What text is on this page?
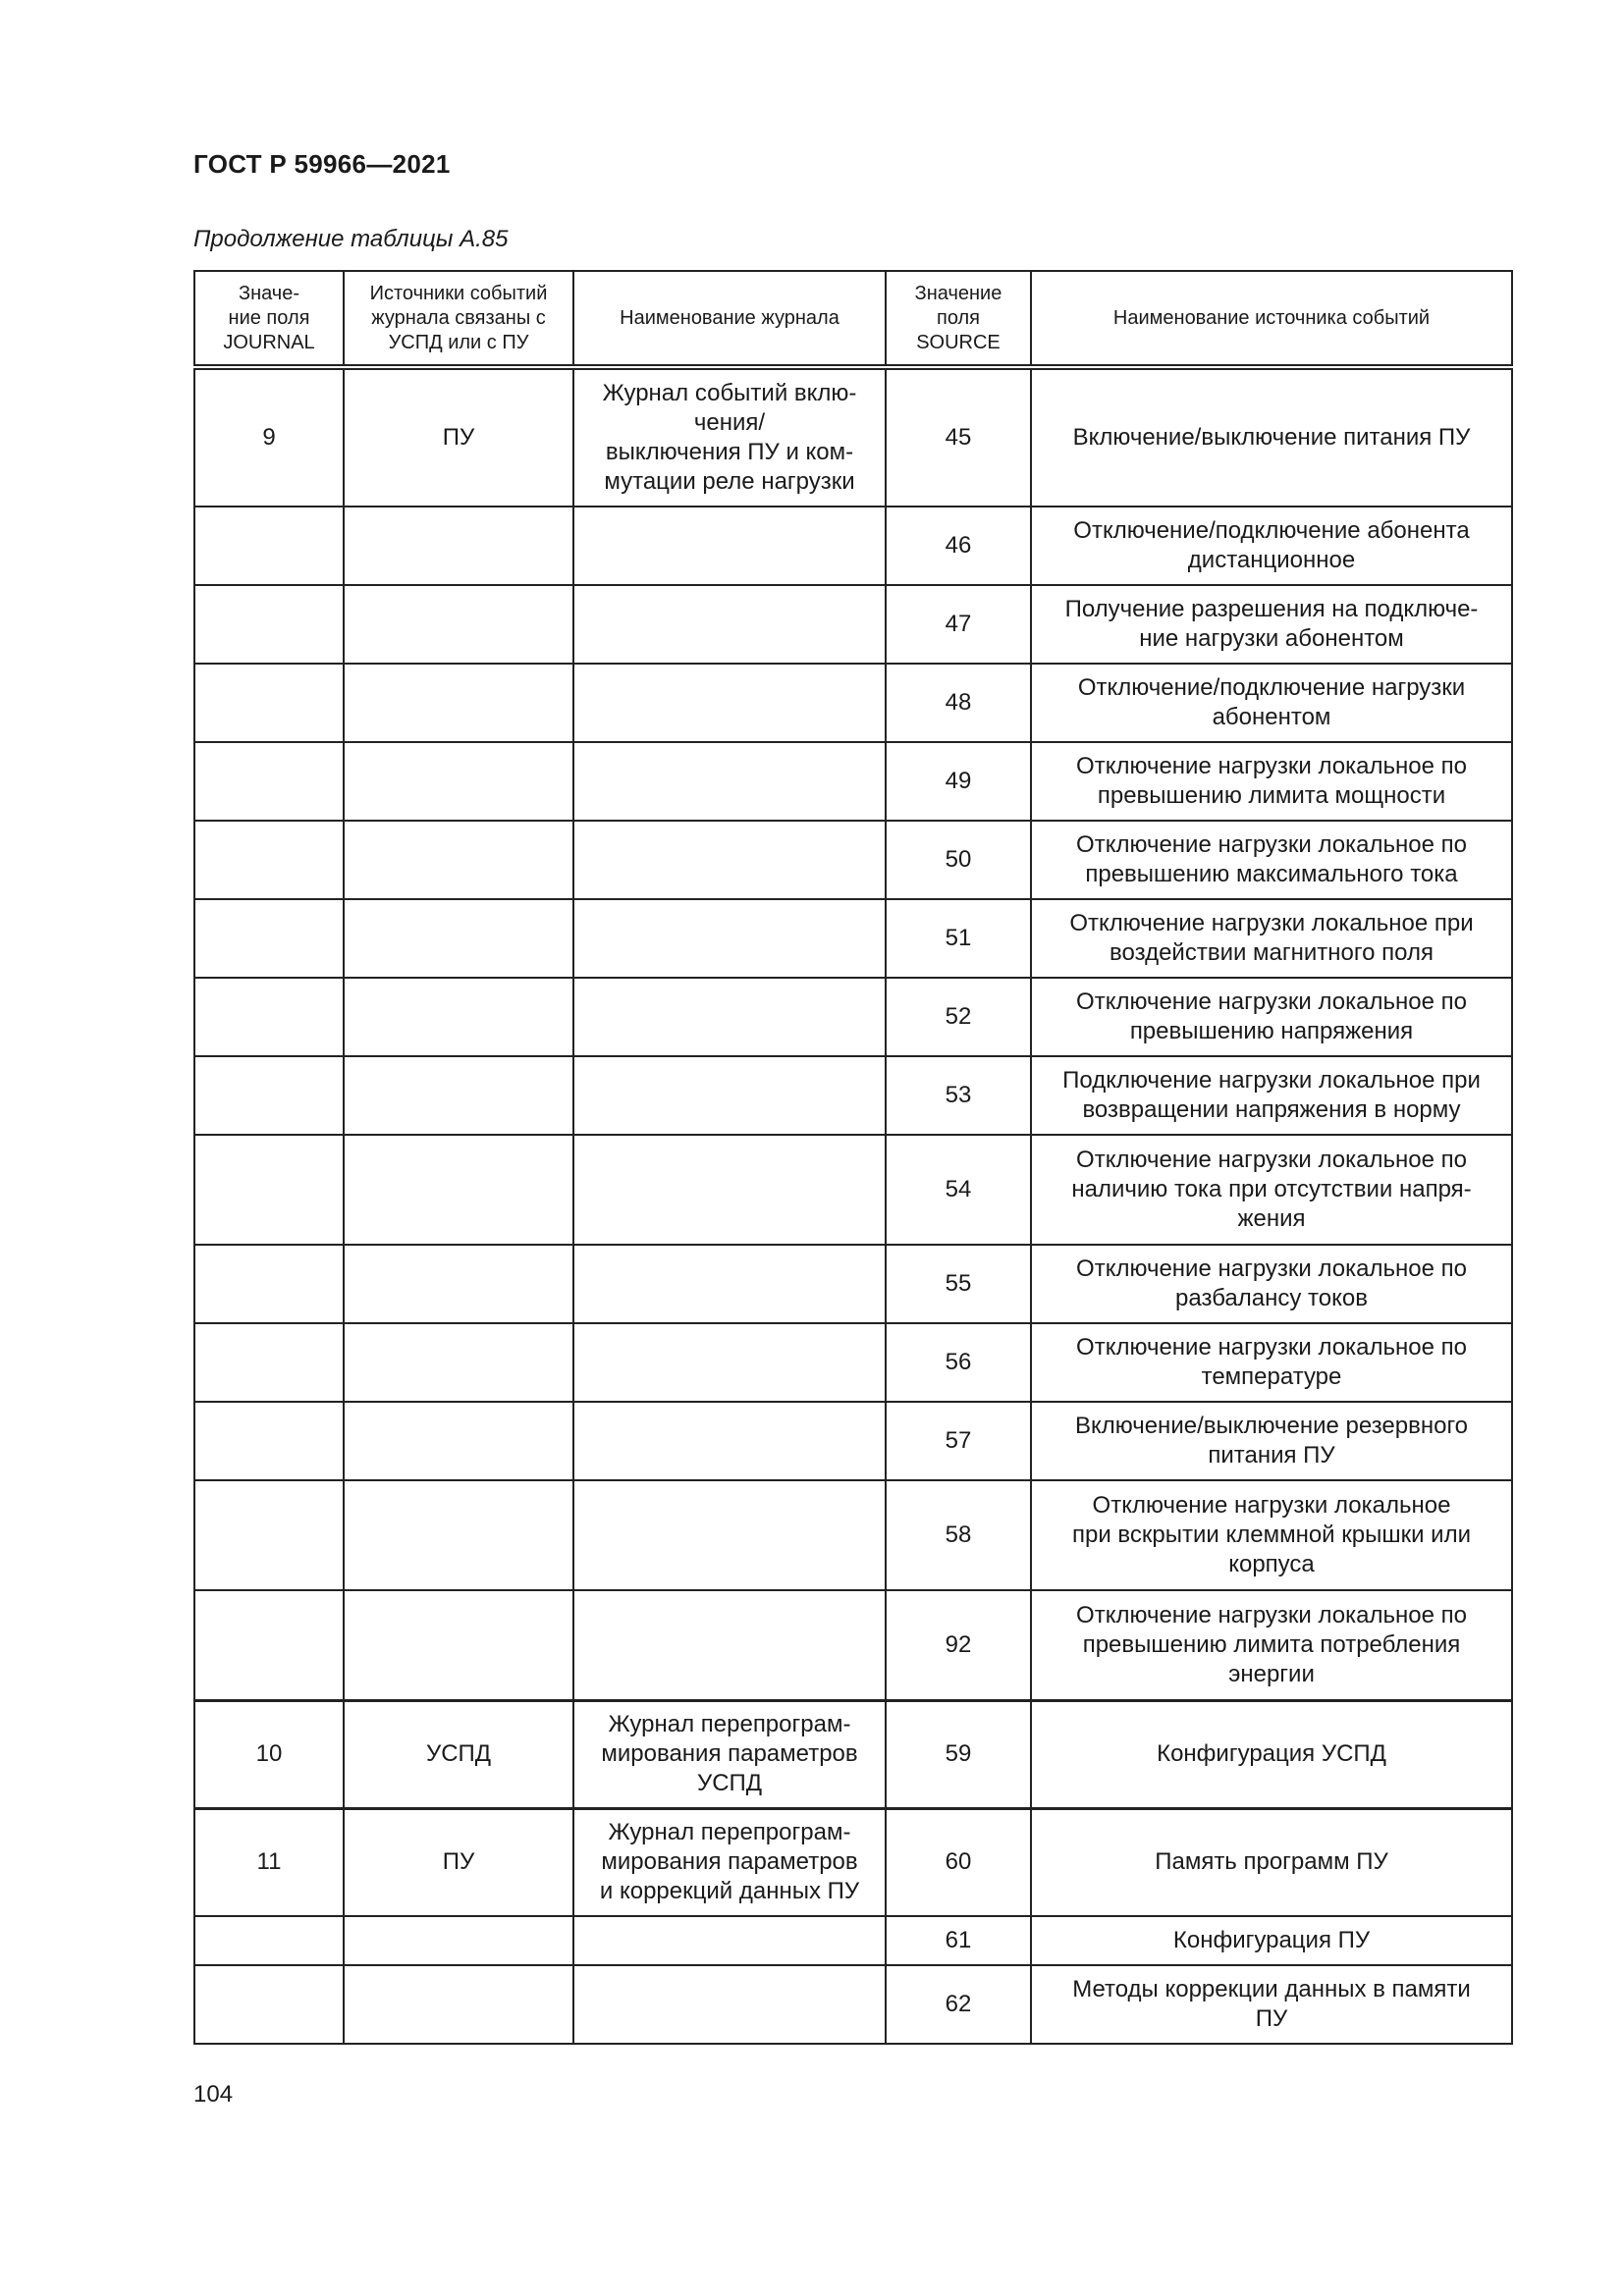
ГОСТ Р 59966—2021
Продолжение таблицы А.85
Значе-
ние поля
JOURNAL	Источники событий
журнала связаны с
УСПД или с ПУ	Наименование журнала	Значение
поля
SOURCE	Наименование источника событий
9	ПУ	Журнал событий вклю-
чения/
выключения ПУ и ком-
мутации реле нагрузки	45	Включение/выключение питания ПУ
			46	Отключение/подключение абонента
дистанционное
			47	Получение разрешения на подключе-
ние нагрузки абонентом
			48	Отключение/подключение нагрузки
абонентом
			49	Отключение нагрузки локальное по
превышению лимита мощности
			50	Отключение нагрузки локальное по
превышению максимального тока
			51	Отключение нагрузки локальное при
воздействии магнитного поля
			52	Отключение нагрузки локальное по
превышению напряжения
			53	Подключение нагрузки локальное при
возвращении напряжения в норму
			54	Отключение нагрузки локальное по
наличию тока при отсутствии напря-
жения
			55	Отключение нагрузки локальное по
разбалансу токов
			56	Отключение нагрузки локальное по
температуре
			57	Включение/выключение резервного
питания ПУ
			58	Отключение нагрузки локальное
при вскрытии клеммной крышки или
корпуса
			92	Отключение нагрузки локальное по
превышению лимита потребления
энергии
10	УСПД	Журнал перепрограм-
мирования параметров
УСПД	59	Конфигурация УСПД
11	ПУ	Журнал перепрограм-
мирования параметров
и коррекций данных ПУ	60	Память программ ПУ
			61	Конфигурация ПУ
			62	Методы коррекции данных в памяти
ПУ
104
